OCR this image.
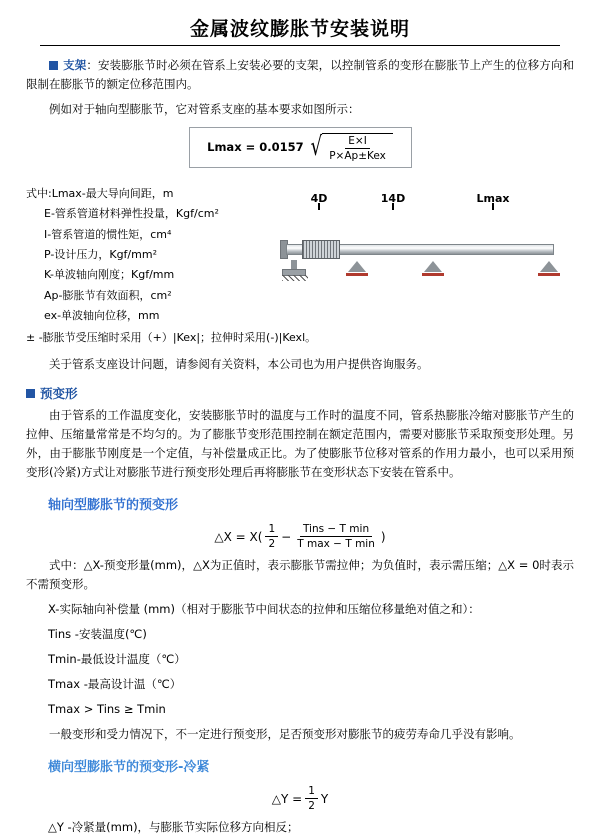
金属波纹膨胀节安装说明

支架：安装膨胀节时必须在管系上安装必要的支架，以控制管系的变形在膨胀节上产生的位移方向和限制在膨胀节的额定位移范围内。

例如对于轴向型膨胀节，它对管系支座的基本要求如图所示：

Lmax = 0.0157 √ $\frac{E\times I}{\text{P×Ap±Kex}}$
式中:Lmax-最大导向间距，m
E-管系管道材料弹性投量，Kgf/cm²
I-管系管道的惯性矩，cm⁴
P-设计压力，Kgf/mm²
K-单波轴向刚度；Kgf/mm
Ap-膨胀节有效面积，cm²
ex-单波轴向位移，mm
4D	14D	Lmax

± -膨胀节受压缩时采用（+）|Kex|；拉伸时采用(-)|Kexl。

关于管系支座设计问题，请参阅有关资料，本公司也为用户提供咨询服务。

预变形

由于管系的工作温度变化，安装膨胀节时的温度与工作时的温度不同，管系热膨胀冷缩对膨胀节产生的拉伸、压缩量常常是不均匀的。为了膨胀节变形范围控制在额定范围内，需要对膨胀节采取预变形处理。另外，由于膨胀节刚度是一个定值，与补偿量成正比。为了使膨胀节位移对管系的作用力最小，也可以采用预变形(冷紧)方式让对膨胀节进行预变形处理后再将膨胀节在变形状态下安装在管系中。

轴向型膨胀节的预变形
△X = $X( \frac{1}{2} - \frac{\text{Tins − T min}}{\text{T max − T min}}$ )

式中：△X-预变形量(mm)，△X为正值时，表示膨胀节需拉伸；为负值时，表示需压缩；△X = 0时表示不需预变形。

X-实际轴向补偿量 (mm)（相对于膨胀节中间状态的拉伸和压缩位移量绝对值之和）：

Tins -安装温度(℃)

Tmin-最低设计温度（℃）

Tmax -最高设计温（℃）

Tmax > Tins ≥ Tmin

一般变形和受力情况下，不一定进行预变形，足否预变形对膨胀节的疲劳寿命几乎没有影响。

横向型膨胀节的预变形-冷紧
△Y = $\frac{1}{2}$ Y

△Y -冷紧量(mm)，与膨胀节实际位移方向相反；
